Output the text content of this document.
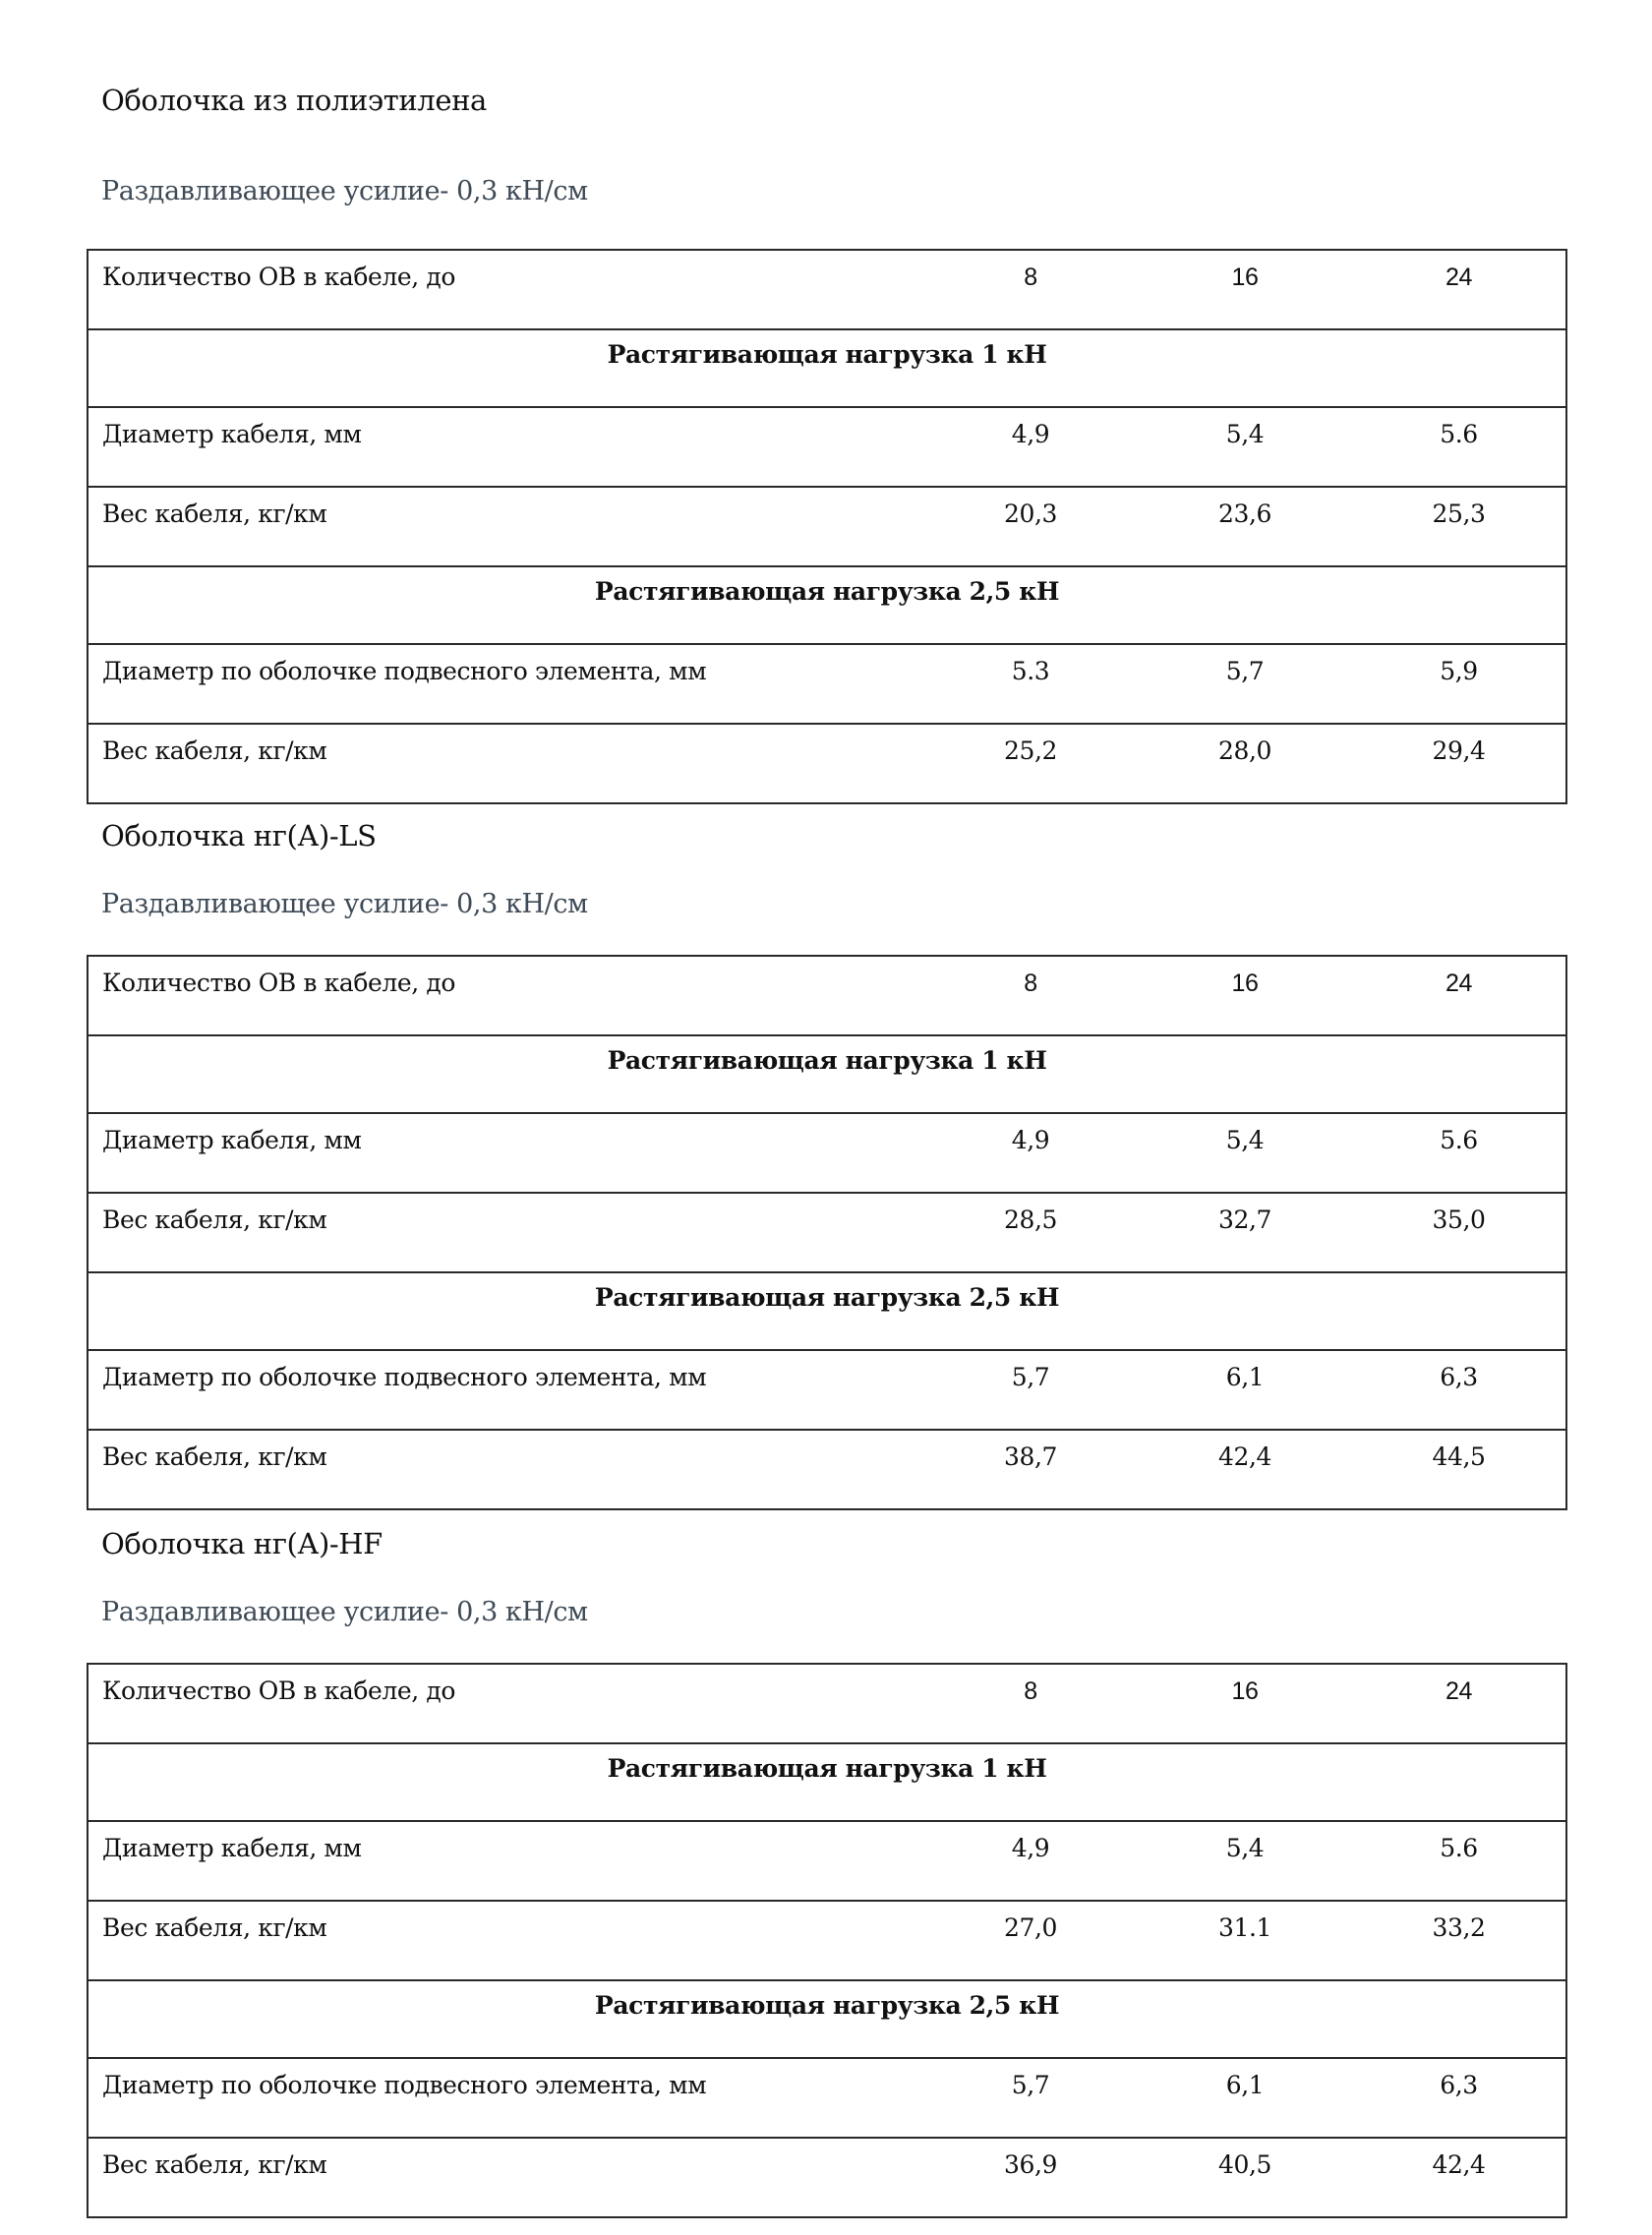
Оболочка из полиэтилена
Раздавливающее усилие- 0,3 кН/см
Количество ОВ в кабеле, до	8	16	24
Растягивающая нагрузка 1 кН			
Диаметр кабеля, мм	4,9	5,4	5.6
Вес кабеля, кг/км	20,3	23,6	25,3
Растягивающая нагрузка 2,5 кН			
Диаметр по оболочке подвесного элемента, мм	5.3	5,7	5,9
Вес кабеля, кг/км	25,2	28,0	29,4
Оболочка нг(А)-LS
Раздавливающее усилие- 0,3 кН/см
Количество ОВ в кабеле, до	8	16	24
Растягивающая нагрузка 1 кН			
Диаметр кабеля, мм	4,9	5,4	5.6
Вес кабеля, кг/км	28,5	32,7	35,0
Растягивающая нагрузка 2,5 кН			
Диаметр по оболочке подвесного элемента, мм	5,7	6,1	6,3
Вес кабеля, кг/км	38,7	42,4	44,5
Оболочка нг(А)-HF
Раздавливающее усилие- 0,3 кН/см
Количество ОВ в кабеле, до	8	16	24
Растягивающая нагрузка 1 кН			
Диаметр кабеля, мм	4,9	5,4	5.6
Вес кабеля, кг/км	27,0	31.1	33,2
Растягивающая нагрузка 2,5 кН			
Диаметр по оболочке подвесного элемента, мм	5,7	6,1	6,3
Вес кабеля, кг/км	36,9	40,5	42,4
